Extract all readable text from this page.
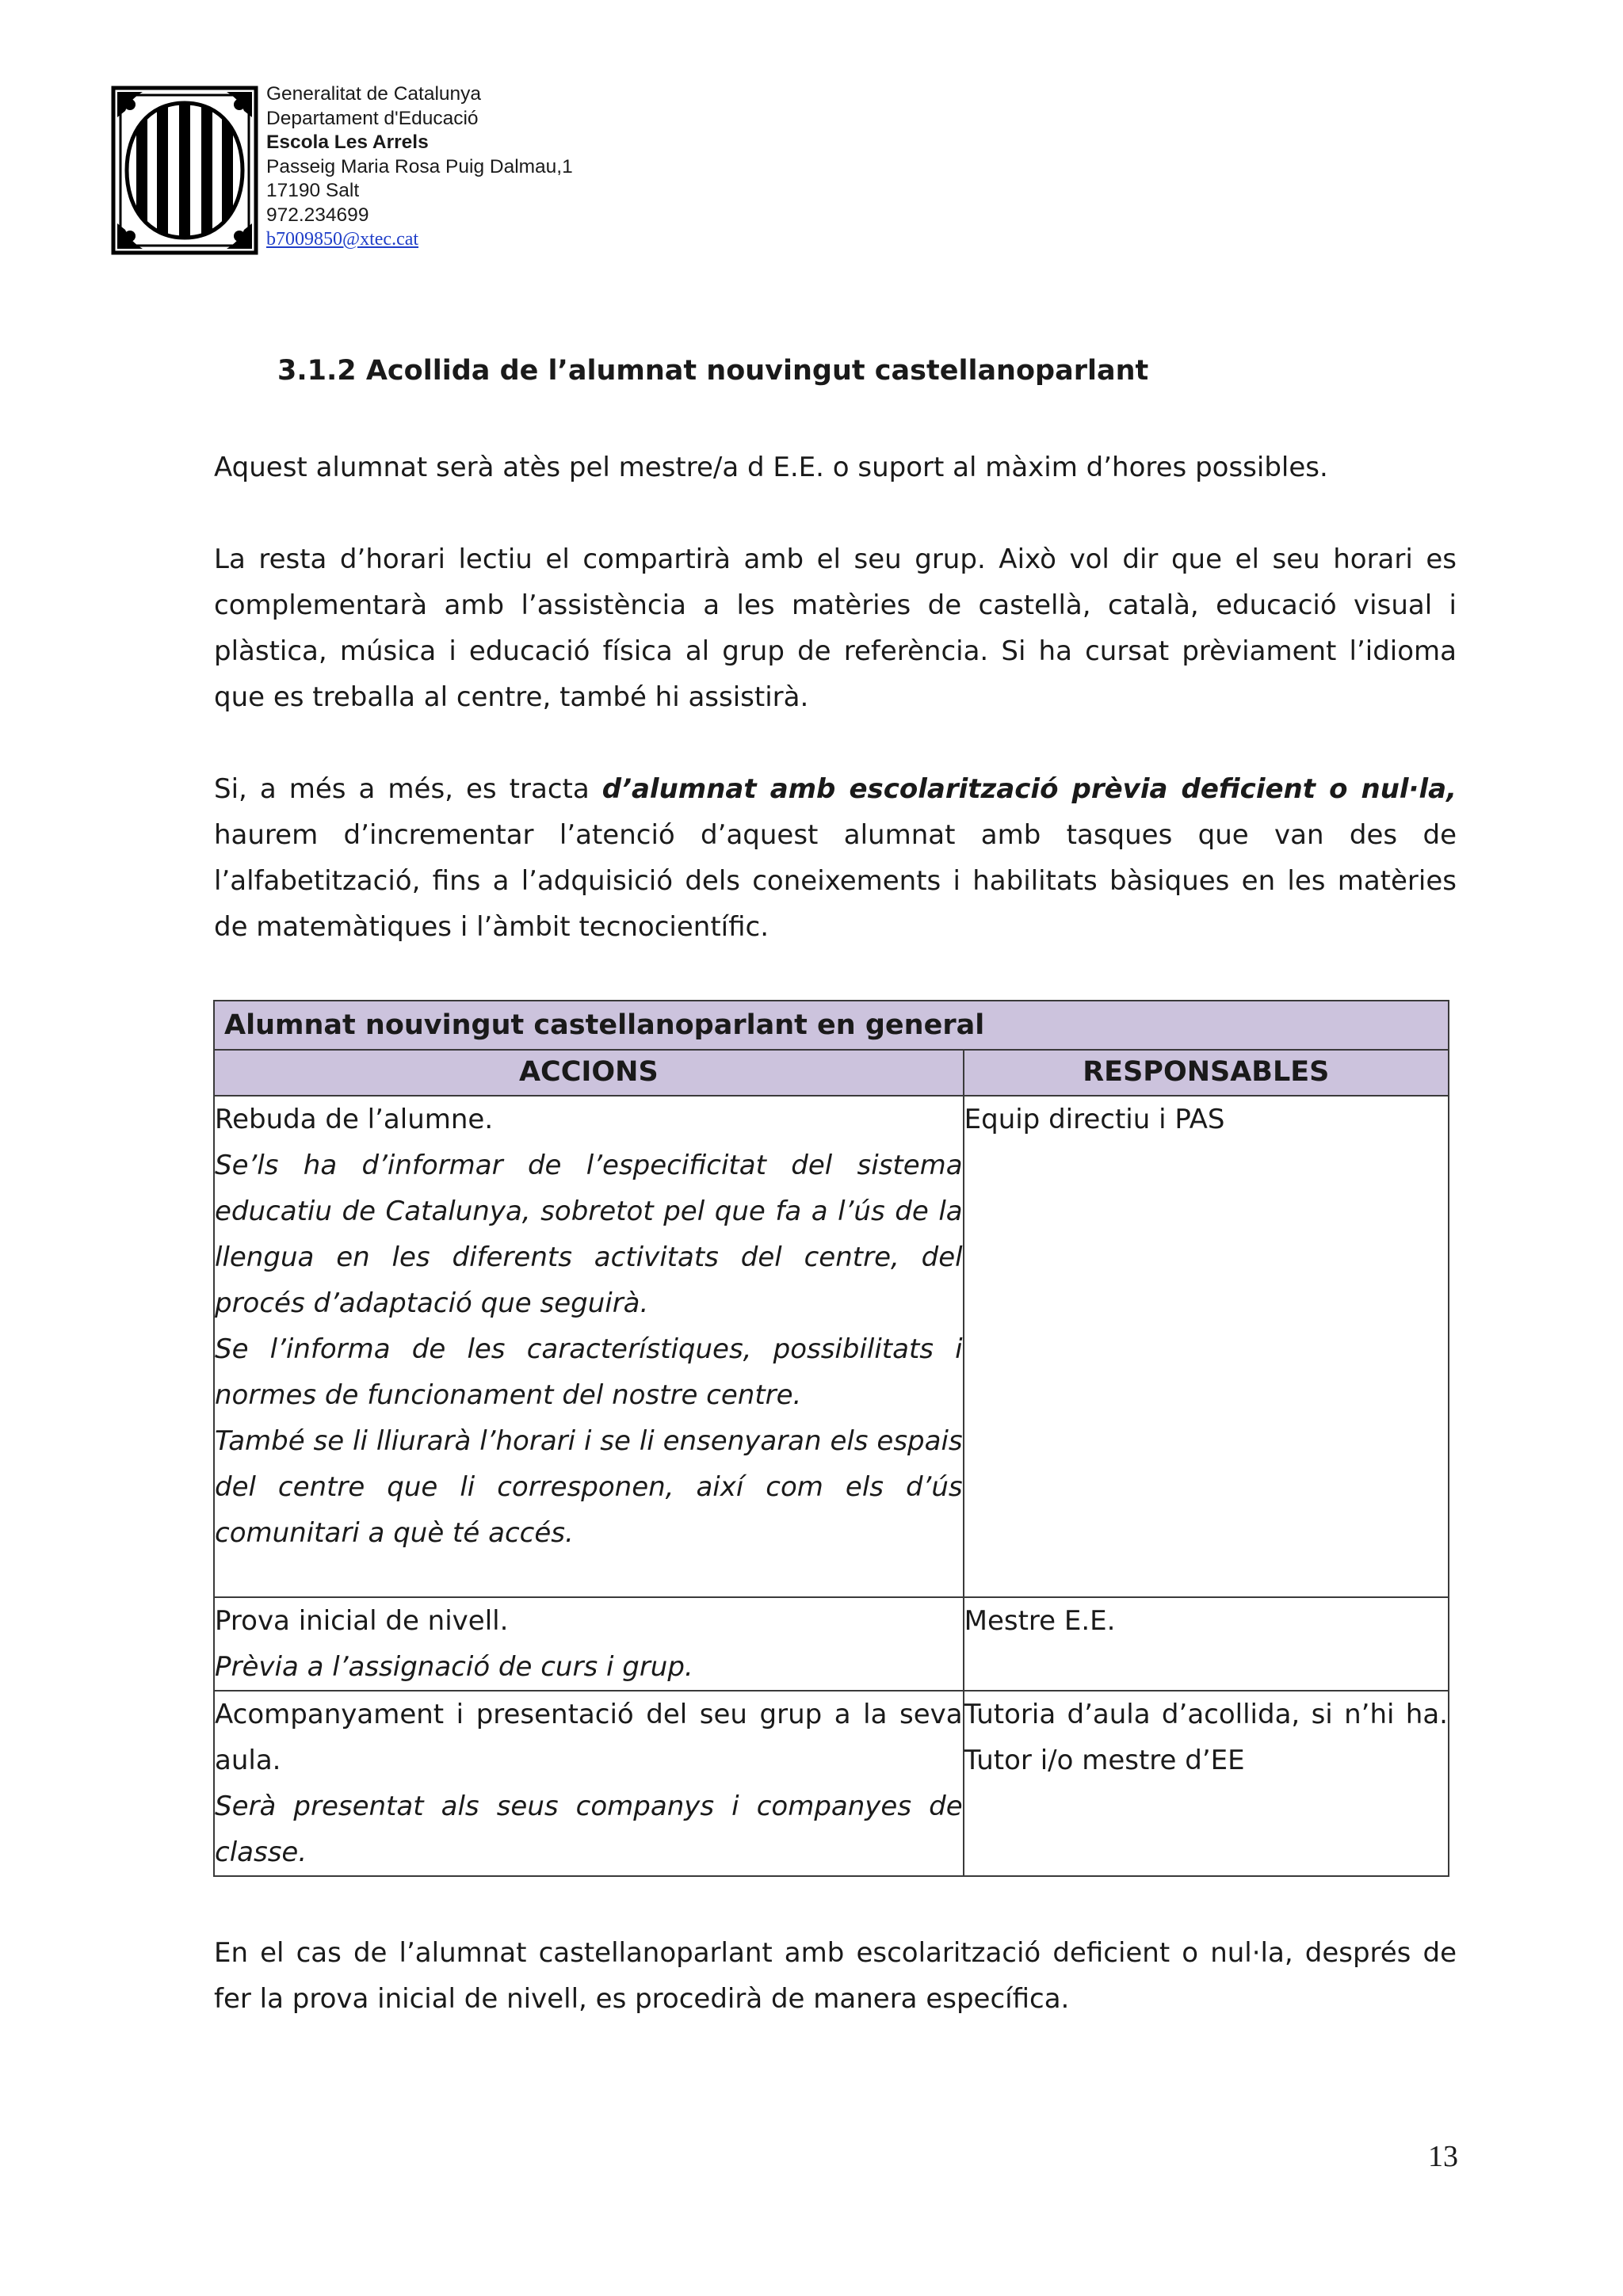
Generalitat de Catalunya
Departament d'Educació
Escola Les Arrels
Passeig Maria Rosa Puig Dalmau,1
17190 Salt
972.234699
b7009850@xtec.cat
3.1.2 Acollida de l’alumnat nouvingut castellanoparlant
Aquest alumnat serà atès pel mestre/a d E.E. o suport al màxim d’hores possibles.
La resta d’horari lectiu el compartirà amb el seu grup. Això vol dir que el seu horari es complementarà amb l’assistència a les matèries de castellà, català, educació visual i plàstica, música i educació física al grup de referència. Si ha cursat prèviament l’idioma que es treballa al centre, també hi assistirà.
Si, a més a més, es tracta d’alumnat amb escolarització prèvia deficient o nul·la, haurem d’incrementar l’atenció d’aquest alumnat amb tasques que van des de l’alfabetització, fins a l’adquisició dels coneixements i habilitats bàsiques en les matèries de matemàtiques i l’àmbit tecnocientífic.
Alumnat nouvingut castellanoparlant en general	
ACCIONS	RESPONSABLES

Rebuda de l’alumne.
Se’ls ha d’informar de l’especificitat del sistema educatiu de Catalunya, sobretot pel que fa a l’ús de la llengua en les diferents activitats del centre, del procés d’adaptació que seguirà.
Se l’informa de les característiques, possibilitats i normes de funcionament del nostre centre.
També se li lliurarà l’horari i se li ensenyaran els espais del centre que li corresponen, així com els d’ús comunitari a què té accés.	Equip directiu i PAS

Prova inicial de nivell.
Prèvia a l’assignació de curs i grup.	Mestre E.E.

Acompanyament i presentació del seu grup a la seva aula.
Serà presentat als seus companys i companyes de classe.	Tutoria d’aula d’acollida, si n’hi ha. Tutor i/o mestre d’EE
En el cas de l’alumnat castellanoparlant amb escolarització deficient o nul·la, després de fer la prova inicial de nivell, es procedirà de manera específica.
13
